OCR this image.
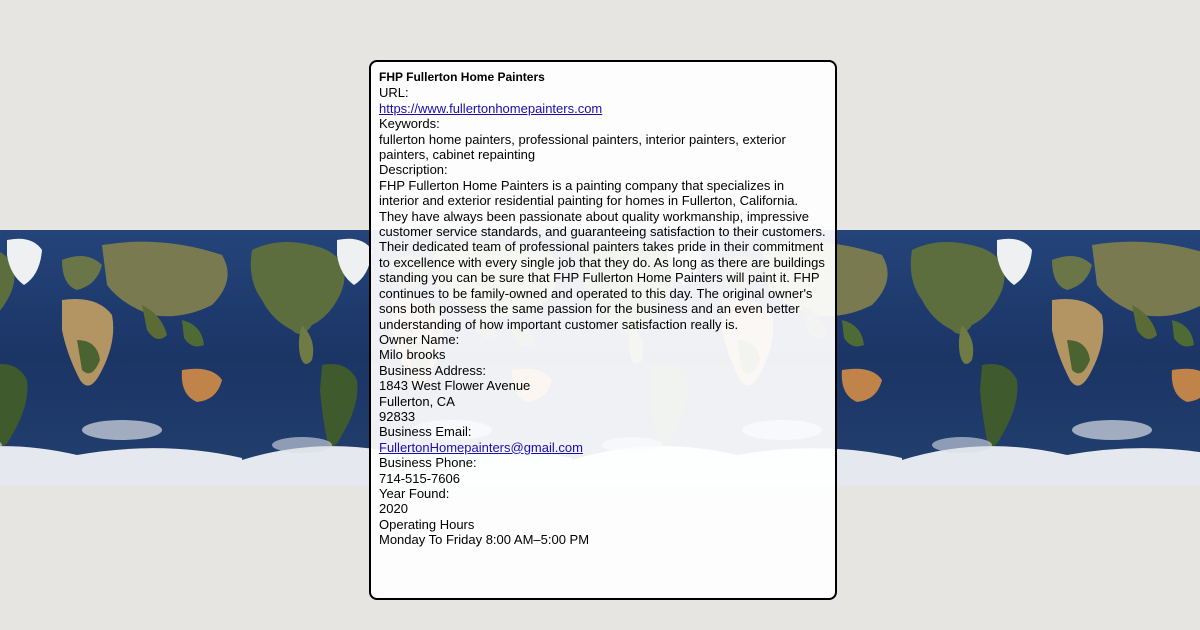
FHP Fullerton Home Painters
URL:
https://www.fullertonhomepainters.com
Keywords:
fullerton home painters, professional painters, interior painters, exterior painters, cabinet repainting
Description:
FHP Fullerton Home Painters is a painting company that specializes in interior and exterior residential painting for homes in Fullerton, California. They have always been passionate about quality workmanship, impressive customer service standards, and guaranteeing satisfaction to their customers.
Their dedicated team of professional painters takes pride in their commitment to excellence with every single job that they do. As long as there are buildings standing you can be sure that FHP Fullerton Home Painters will paint it. FHP continues to be family-owned and operated to this day. The original owner's sons both possess the same passion for the business and an even better understanding of how important customer satisfaction really is.
Owner Name:
Milo brooks
Business Address:
1843 West Flower Avenue
Fullerton, CA
92833
Business Email:
FullertonHomepainters@gmail.com
Business Phone:
714-515-7606
Year Found:
2020
Operating Hours
Monday To Friday 8:00 AM–5:00 PM
